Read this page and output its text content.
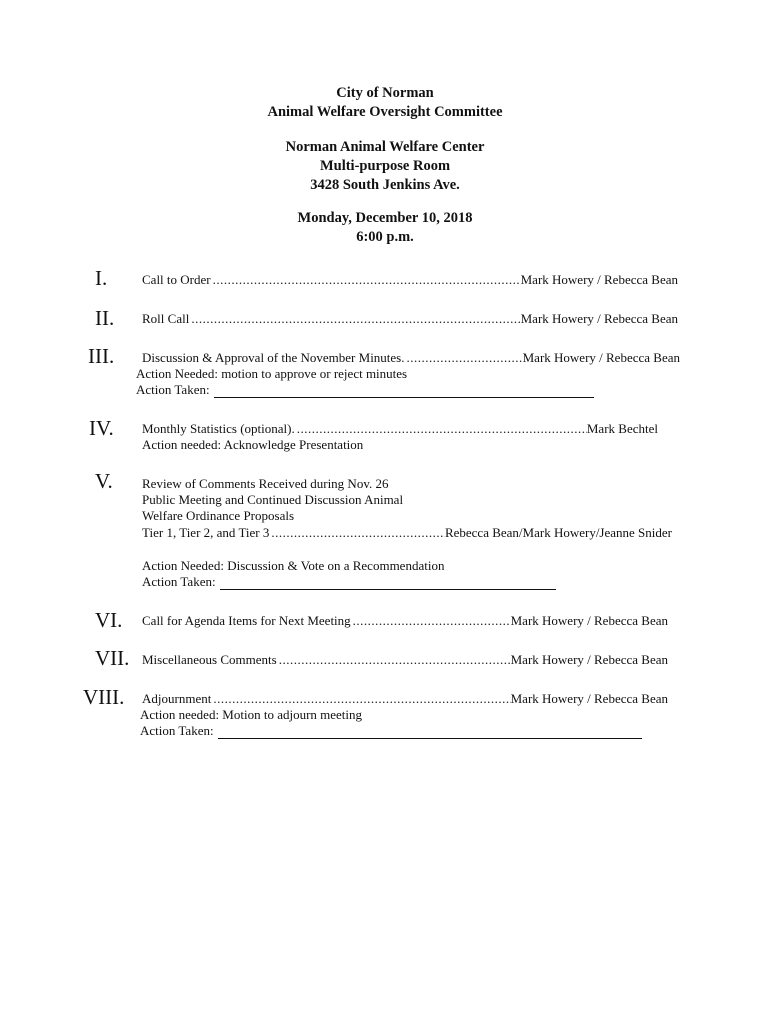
City of Norman
Animal Welfare Oversight Committee
Norman Animal Welfare Center
Multi-purpose Room
3428 South Jenkins Ave.
Monday, December 10, 2018
6:00 p.m.
I.	Call to Order .....	Mark Howery / Rebecca Bean
II. Roll Call .....	Mark Howery / Rebecca Bean
III. Discussion & Approval of the November Minutes. .....	Mark Howery / Rebecca Bean
Action Needed: motion to approve or reject minutes
Action Taken:
IV. Monthly Statistics (optional). .....	Mark Bechtel
Action needed: Acknowledge Presentation
V. Review of Comments Received during Nov. 26
Public Meeting and Continued Discussion Animal
Welfare Ordinance Proposals
Tier 1, Tier 2, and Tier 3 .....	Rebecca Bean/Mark Howery/Jeanne Snider
Action Needed: Discussion & Vote on a Recommendation
Action Taken:
VI. Call for Agenda Items for Next Meeting .....	Mark Howery / Rebecca Bean
VII. Miscellaneous Comments .....	Mark Howery / Rebecca Bean
VIII. Adjournment .....	Mark Howery / Rebecca Bean
Action needed: Motion to adjourn meeting
Action Taken:
